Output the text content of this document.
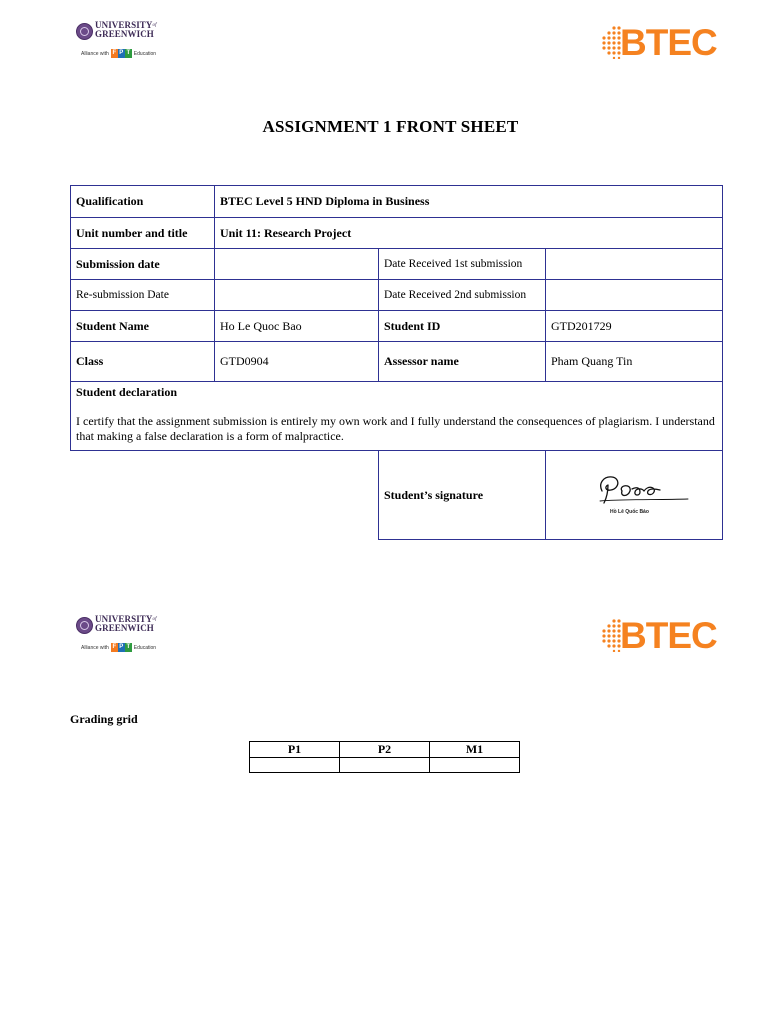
$UNIVERSITY^{of}$
GREENWICH
Alliance with F P T Education	BTEC
ASSIGNMENT 1 FRONT SHEET
Qualification	BTEC Level 5 HND Diploma in Business		
Unit number and title	Unit 11: Research Project		
Submission date		Date Received 1st submission	
Re-submission Date		Date Received 2nd submission	
Student Name	Ho Le Quoc Bao	Student ID	GTD201729
Class	GTD0904	Assessor name	Pham Quang Tin

Student declaration
I certify that the assignment submission is entirely my own work and I fully understand the consequences of plagiarism. I understand that making a false declaration is a form of malpractice.			

		Student’s signature	Hồ Lê Quốc Bảo
$UNIVERSITY^{of}$
GREENWICH
Alliance with F P T Education	BTEC
Grading grid
P1	P2	M1
